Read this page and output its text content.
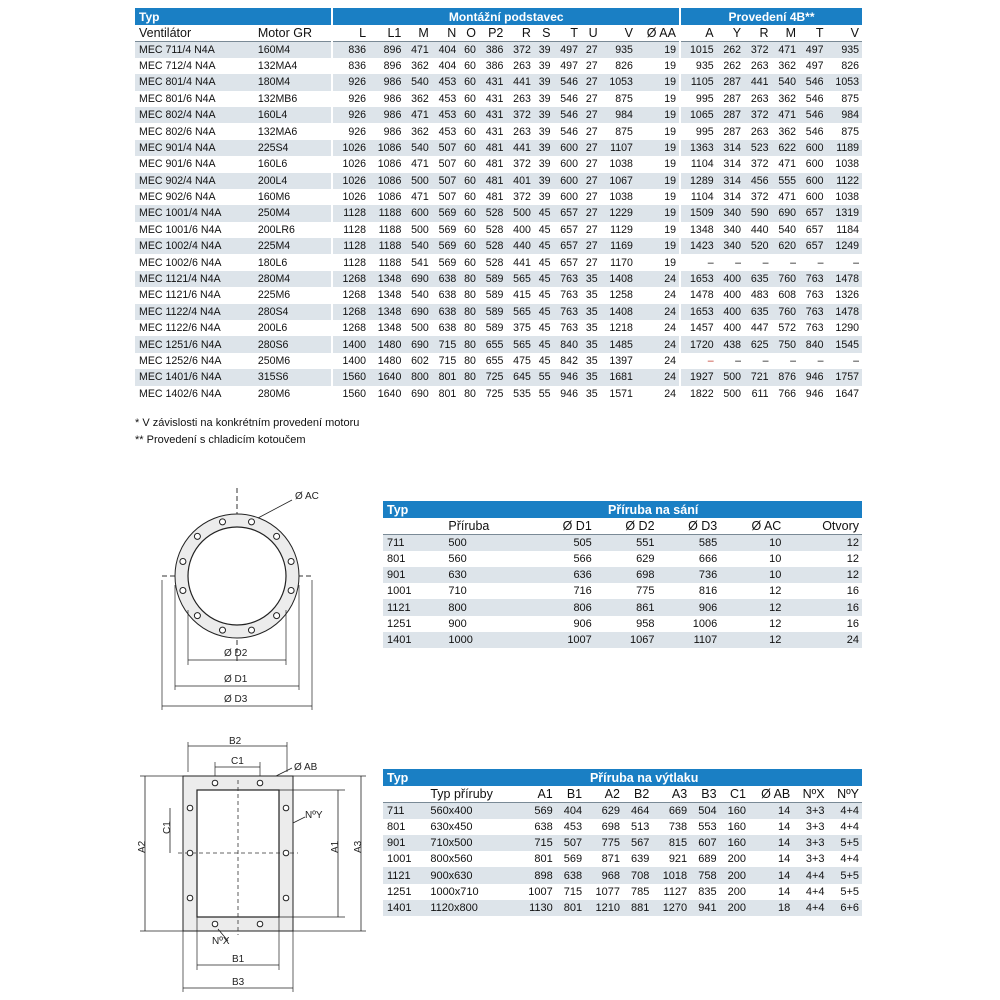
Typ		Montážní podstavec												Provedení 4B**					
Ventilátor	Motor GR	L	L1	M	N	O	P2	R	S	T	U	V	Ø AA	A	Y	R	M	T	V
MEC 711/4 N4A	160M4	836	896	471	404	60	386	372	39	497	27	935	19	1015	262	372	471	497	935
MEC 712/4 N4A	132MA4	836	896	362	404	60	386	263	39	497	27	826	19	935	262	263	362	497	826
MEC 801/4 N4A	180M4	926	986	540	453	60	431	441	39	546	27	1053	19	1105	287	441	540	546	1053
MEC 801/6 N4A	132MB6	926	986	362	453	60	431	263	39	546	27	875	19	995	287	263	362	546	875
MEC 802/4 N4A	160L4	926	986	471	453	60	431	372	39	546	27	984	19	1065	287	372	471	546	984
MEC 802/6 N4A	132MA6	926	986	362	453	60	431	263	39	546	27	875	19	995	287	263	362	546	875
MEC 901/4 N4A	225S4	1026	1086	540	507	60	481	441	39	600	27	1107	19	1363	314	523	622	600	1189
MEC 901/6 N4A	160L6	1026	1086	471	507	60	481	372	39	600	27	1038	19	1104	314	372	471	600	1038
MEC 902/4 N4A	200L4	1026	1086	500	507	60	481	401	39	600	27	1067	19	1289	314	456	555	600	1122
MEC 902/6 N4A	160M6	1026	1086	471	507	60	481	372	39	600	27	1038	19	1104	314	372	471	600	1038
MEC 1001/4 N4A	250M4	1128	1188	600	569	60	528	500	45	657	27	1229	19	1509	340	590	690	657	1319
MEC 1001/6 N4A	200LR6	1128	1188	500	569	60	528	400	45	657	27	1129	19	1348	340	440	540	657	1184
MEC 1002/4 N4A	225M4	1128	1188	540	569	60	528	440	45	657	27	1169	19	1423	340	520	620	657	1249
MEC 1002/6 N4A	180L6	1128	1188	541	569	60	528	441	45	657	27	1170	19	–	–	–	–	–	–
MEC 1121/4 N4A	280M4	1268	1348	690	638	80	589	565	45	763	35	1408	24	1653	400	635	760	763	1478
MEC 1121/6 N4A	225M6	1268	1348	540	638	80	589	415	45	763	35	1258	24	1478	400	483	608	763	1326
MEC 1122/4 N4A	280S4	1268	1348	690	638	80	589	565	45	763	35	1408	24	1653	400	635	760	763	1478
MEC 1122/6 N4A	200L6	1268	1348	500	638	80	589	375	45	763	35	1218	24	1457	400	447	572	763	1290
MEC 1251/6 N4A	280S6	1400	1480	690	715	80	655	565	45	840	35	1485	24	1720	438	625	750	840	1545
MEC 1252/6 N4A	250M6	1400	1480	602	715	80	655	475	45	842	35	1397	24	–	–	–	–	–	–
MEC 1401/6 N4A	315S6	1560	1640	800	801	80	725	645	55	946	35	1681	24	1927	500	721	876	946	1757
MEC 1402/6 N4A	280M6	1560	1640	690	801	80	725	535	55	946	35	1571	24	1822	500	611	766	946	1647
* V závislosti na konkrétním provedení motoru
** Provedení s chladicím kotoučem
Ø AC
Ø D2
Ø D1
Ø D3
B2
C1
Ø AB
NºY
C1
A2	A1 A3
NºX
B1
B3
Typ	Příruba na sání					
	Příruba	Ø D1	Ø D2	Ø D3	Ø AC	Otvory
711	500	505	551	585	10	12
801	560	566	629	666	10	12
901	630	636	698	736	10	12
1001	710	716	775	816	12	16
1121	800	806	861	906	12	16
1251	900	906	958	1006	12	16
1401	1000	1007	1067	1107	12	24
Typ	Příruba na výtlaku										
	Typ příruby	A1	B1	A2	B2	A3	B3	C1	Ø AB	NºX	NºY
711	560x400	569	404	629	464	669	504	160	14	3+3	4+4
801	630x450	638	453	698	513	738	553	160	14	3+3	4+4
901	710x500	715	507	775	567	815	607	160	14	3+3	5+5
1001	800x560	801	569	871	639	921	689	200	14	3+3	4+4
1121	900x630	898	638	968	708	1018	758	200	14	4+4	5+5
1251	1000x710	1007	715	1077	785	1127	835	200	14	4+4	5+5
1401	1120x800	1130	801	1210	881	1270	941	200	18	4+4	6+6
